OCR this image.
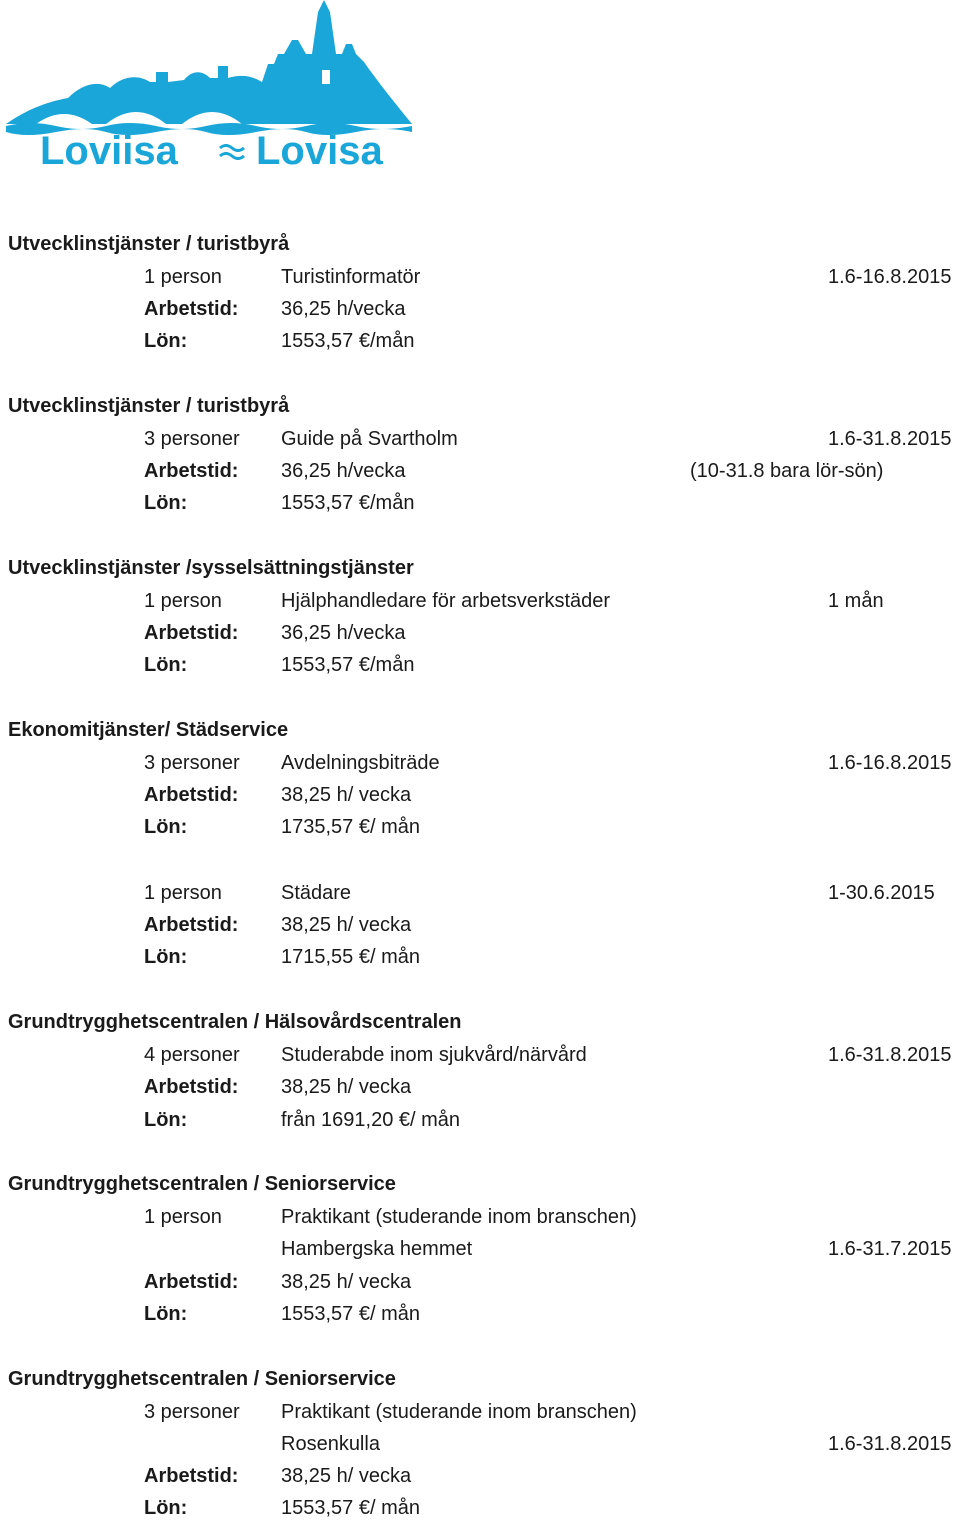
Loviisa Lovisa
Utvecklinstjänster / turistbyrå
1 person	Turistinformatör	1.6-16.8.2015
Arbetstid: 36,25 h/vecka
Lön:	1553,57 €/mån
Utvecklinstjänster / turistbyrå
3 personer Guide på Svartholm	1.6-31.8.2015
Arbetstid: 36,25 h/vecka	(10-31.8 bara lör-sön)
Lön:	1553,57 €/mån
Utvecklinstjänster /sysselsättningstjänster
1 person	Hjälphandledare för arbetsverkstäder	1 mån
Arbetstid: 36,25 h/vecka
Lön:	1553,57 €/mån
Ekonomitjänster/ Städservice
3 personer Avdelningsbiträde	1.6-16.8.2015
Arbetstid: 38,25 h/ vecka
Lön:	1735,57 €/ mån
1 person	Städare	1-30.6.2015
Arbetstid: 38,25 h/ vecka
Lön:	1715,55 €/ mån
Grundtrygghetscentralen / Hälsovårdscentralen
4 personer Studerabde inom sjukvård/närvård	1.6-31.8.2015
Arbetstid: 38,25 h/ vecka
Lön:	från 1691,20 €/ mån
Grundtrygghetscentralen / Seniorservice
1 person	Praktikant (studerande inom branschen)
Hambergska hemmet	1.6-31.7.2015
Arbetstid: 38,25 h/ vecka
Lön:	1553,57 €/ mån
Grundtrygghetscentralen / Seniorservice
3 personer Praktikant (studerande inom branschen)
Rosenkulla	1.6-31.8.2015
Arbetstid: 38,25 h/ vecka
Lön:	1553,57 €/ mån
